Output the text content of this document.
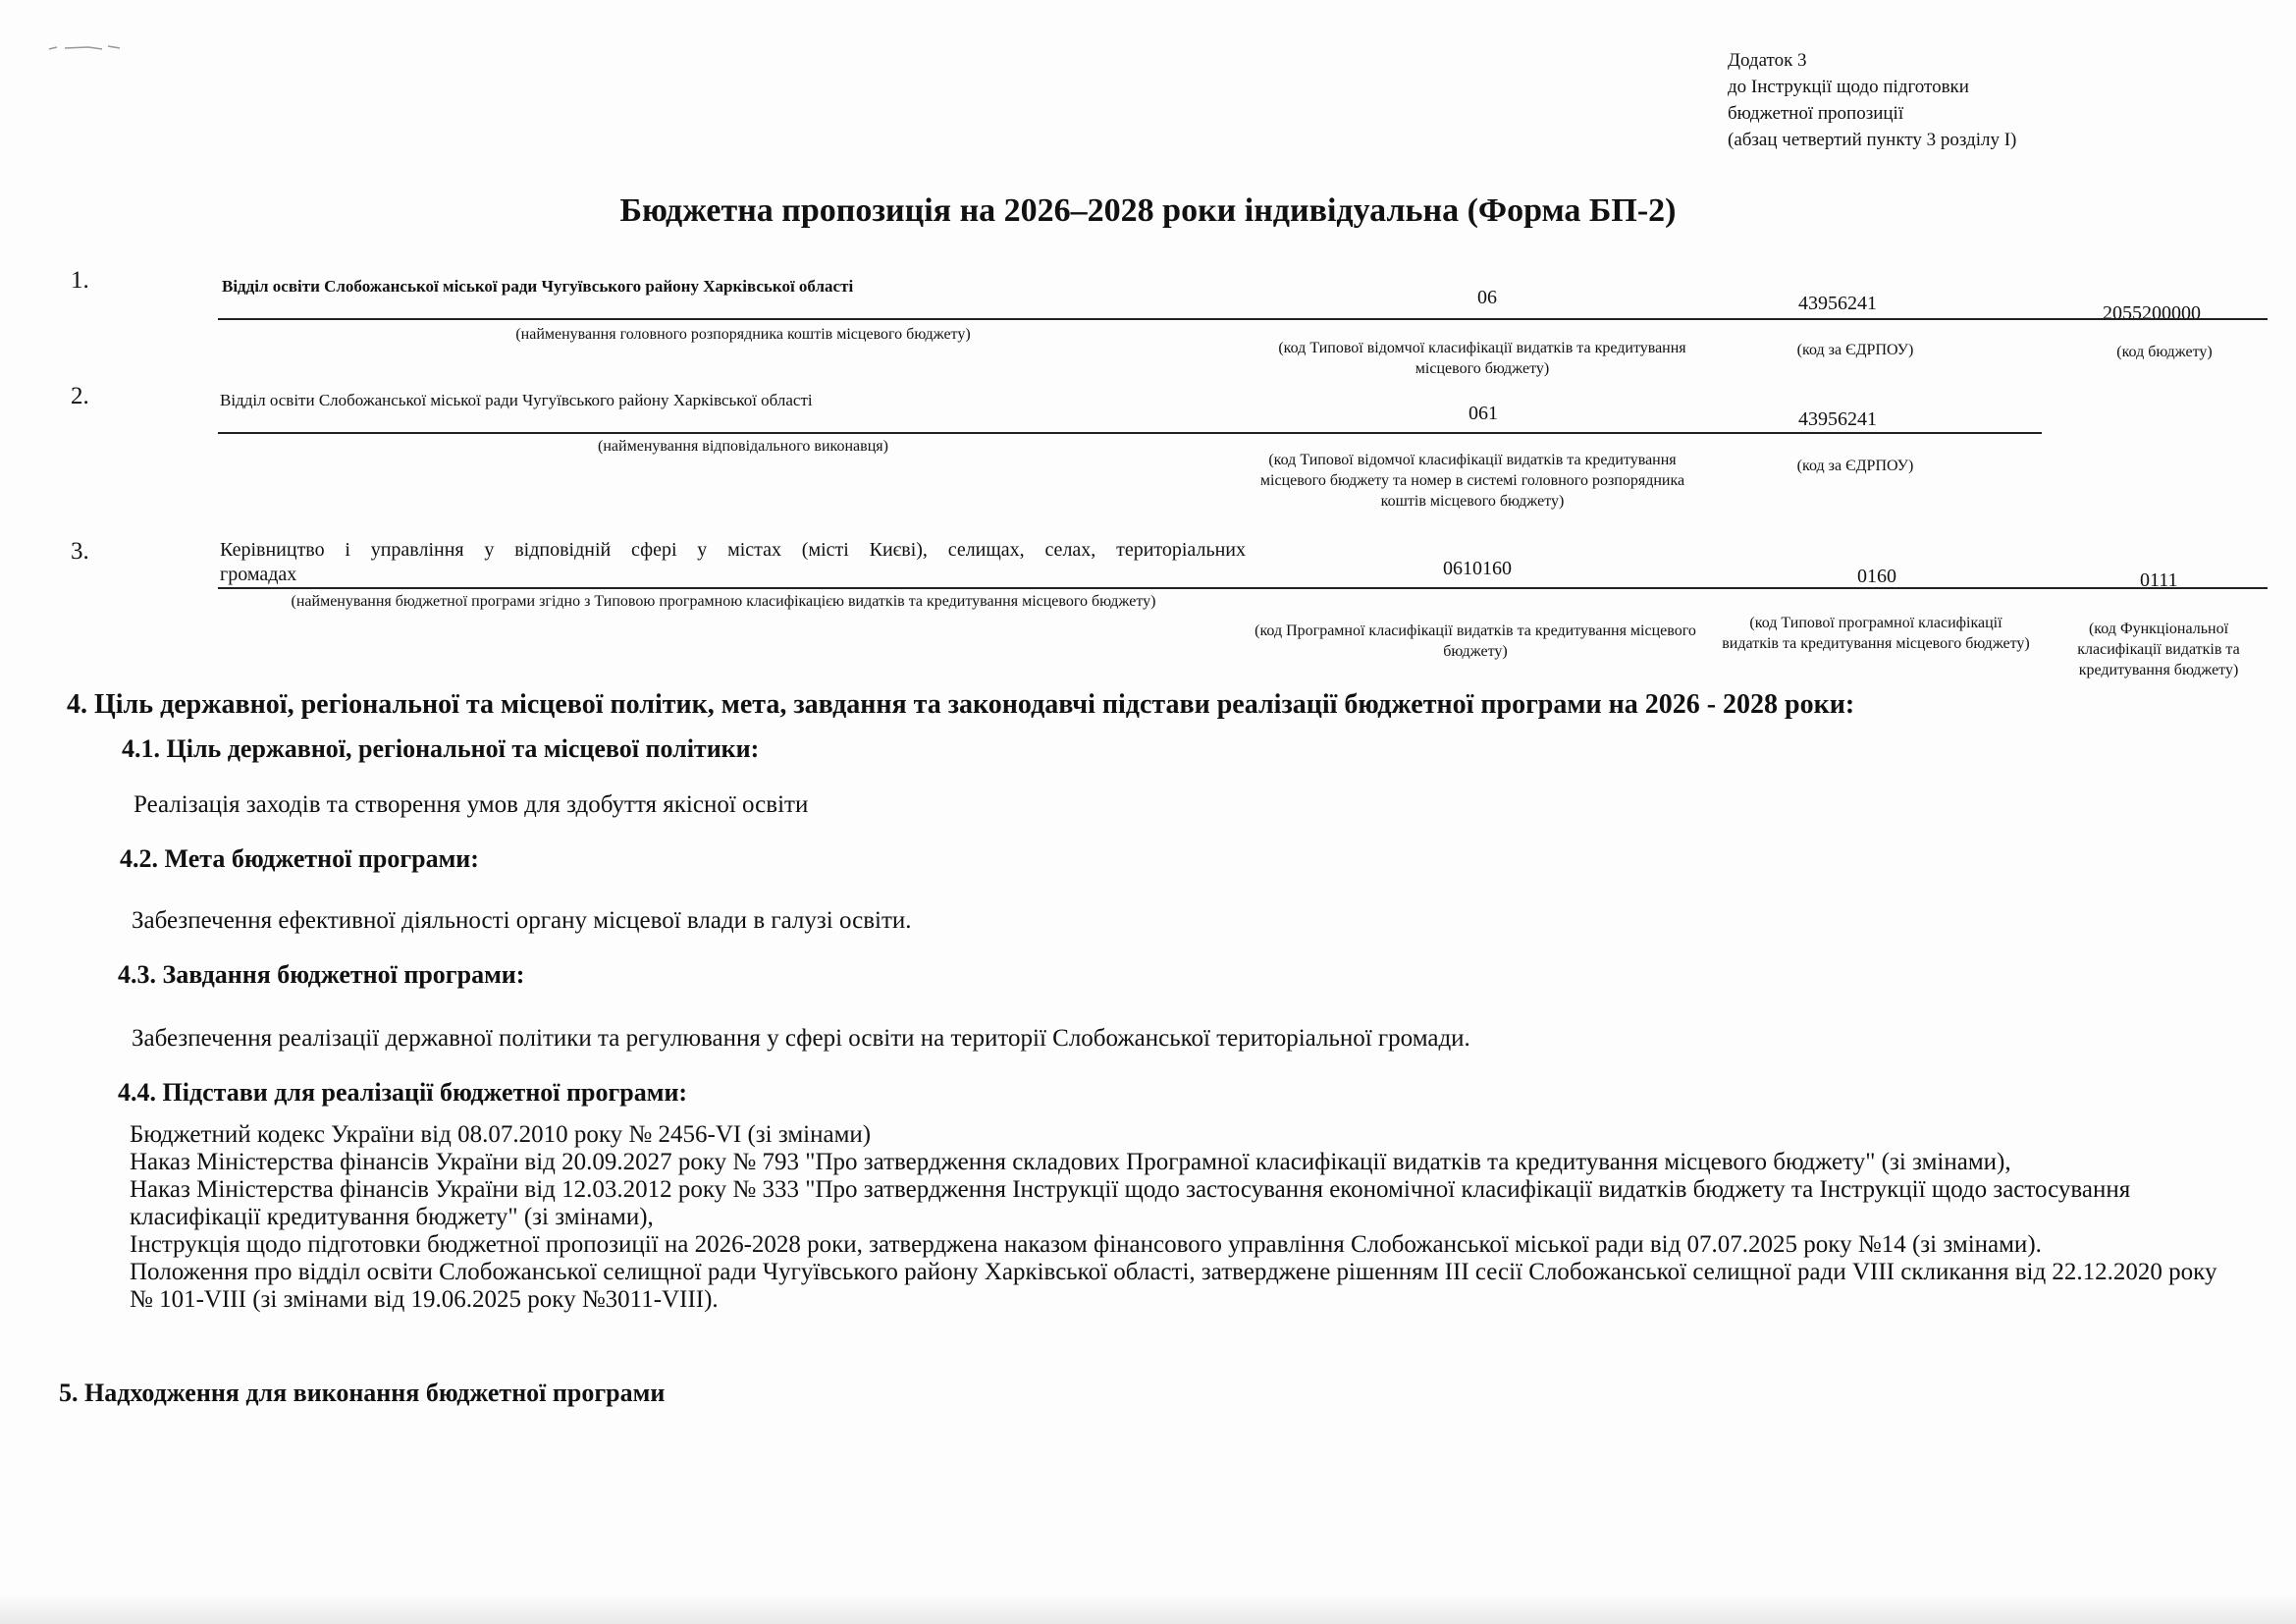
Додаток 3
до Інструкції щодо підготовки
бюджетної пропозиції
(абзац четвертий пункту 3 розділу I)
Бюджетна пропозиція на 2026–2028 роки індивідуальна (Форма БП-2)
1.	Відділ освіти Слобожанської міської ради Чугуївського району Харківської області
06	43956241	2055200000
(найменування головного розпорядника коштів місцевого бюджету)
(код Типової відомчої класифікації видатків та кредитування місцевого бюджету)
(код за ЄДРПОУ)	(код бюджету)
2.	Відділ освіти Слобожанської міської ради Чугуївського району Харківської області
061	43956241
(найменування відповідального виконавця)
(код Типової відомчої класифікації видатків та кредитування місцевого бюджету та номер в системі головного розпорядника коштів місцевого бюджету)
(код за ЄДРПОУ)
3.	Керівництво і управління у відповідній сфері у містах (місті Києві), селищах, селах, територіальних
громадах	0610160	0160	0111
(найменування бюджетної програми згідно з Типовою програмною класифікацією видатків та кредитування місцевого бюджету)
(код Програмної класифікації видатків та кредитування місцевого бюджету)
(код Типової програмної класифікації видатків та кредитування місцевого бюджету)
(код Функціональної класифікації видатків та кредитування бюджету)
4. Ціль державної, регіональної та місцевої політик, мета, завдання та законодавчі підстави реалізації бюджетної програми на 2026 - 2028 роки:
4.1. Ціль державної, регіональної та місцевої політики:
Реалізація заходів та створення умов для здобуття якісної освіти
4.2. Мета бюджетної програми:
Забезпечення ефективної діяльності органу місцевої влади в галузі освіти.
4.3. Завдання бюджетної програми:
Забезпечення реалізації державної політики та регулювання у сфері освіти на території Слобожанської територіальної громади.
4.4. Підстави для реалізації бюджетної програми:

Бюджетний кодекс України від 08.07.2010 року № 2456-VI (зі змінами)

Наказ Міністерства фінансів України від 20.09.2027 року № 793 "Про затвердження складових Програмної класифікації видатків та кредитування місцевого бюджету" (зі змінами),

Наказ Міністерства фінансів України від 12.03.2012 року № 333 "Про затвердження Інструкції щодо застосування економічної класифікації видатків бюджету та Інструкції щодо застосування класифікації кредитування бюджету" (зі змінами),

Інструкція щодо підготовки бюджетної пропозиції на 2026-2028 роки, затверджена наказом фінансового управління Слобожанської міської ради від 07.07.2025 року №14 (зі змінами).

Положення про відділ освіти Слобожанської селищної ради Чугуївського району Харківської області, затверджене рішенням III сесії Слобожанської селищної ради VIII скликання від 22.12.2020 року № 101-VIII (зі змінами від 19.06.2025 року №3011-VIII).

5. Надходження для виконання бюджетної програми
